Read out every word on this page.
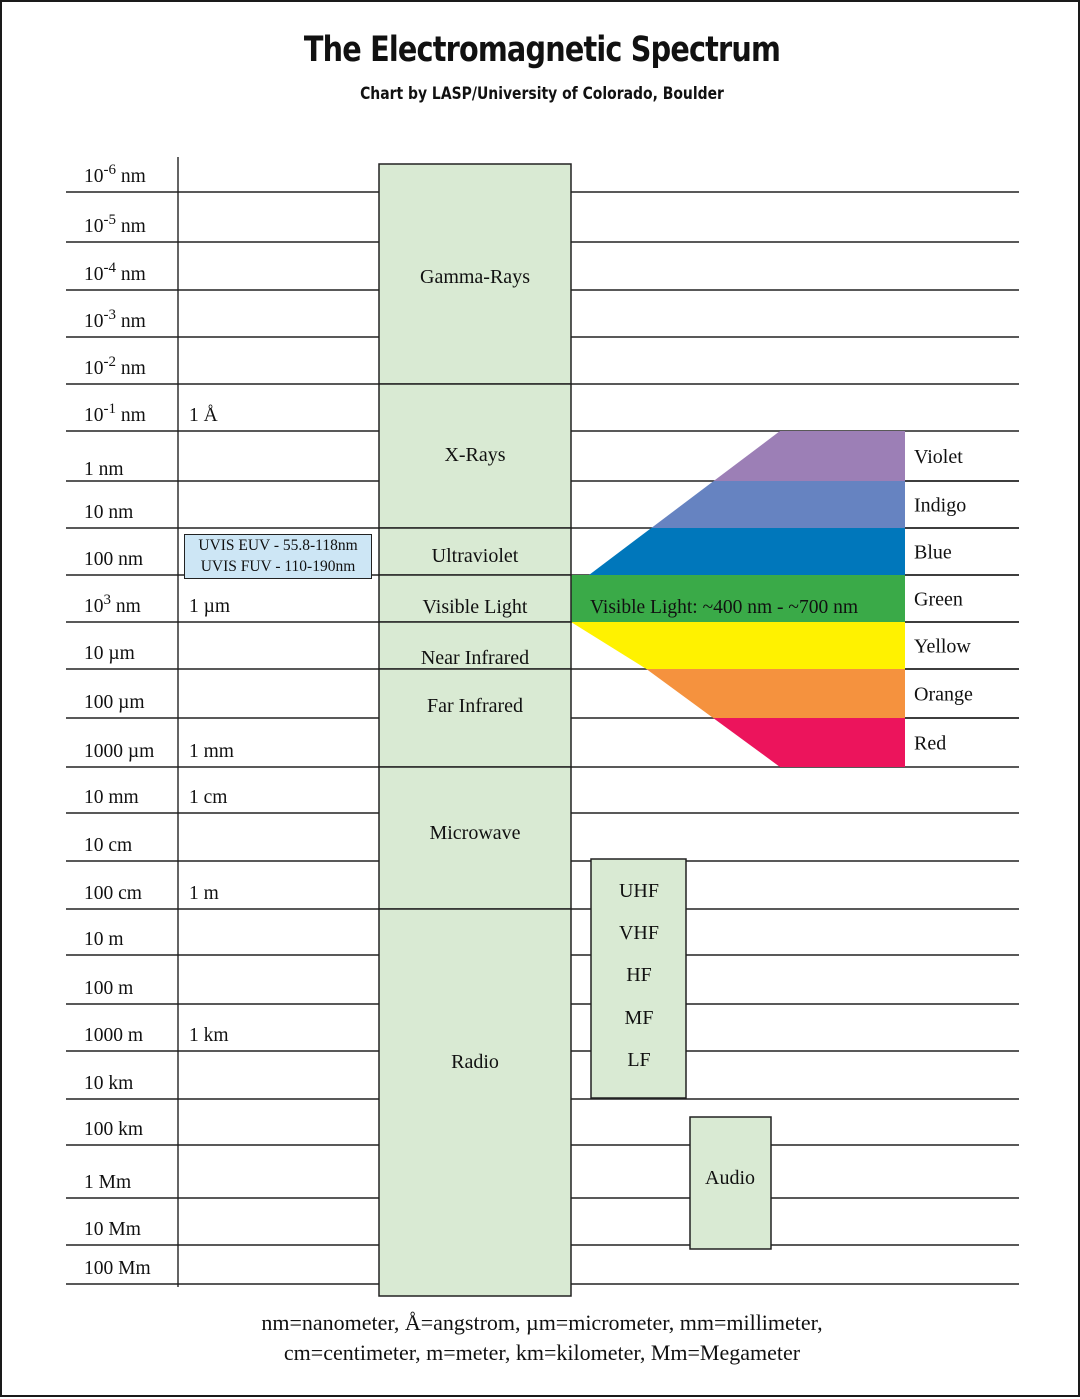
The Electromagnetic Spectrum
Chart by LASP/University of Colorado, Boulder
Violet
Indigo
Blue
Green
Yellow
Orange
Red
Visible Light: ~400 nm - ~700 nm
Gamma-Rays
X-Rays
Ultraviolet
Visible Light
Near Infrared
Far Infrared
Microwave
Radio
$10^{-6}$ nm
$10^{-5}$ nm
$10^{-4}$ nm
$10^{-3}$ nm
$10^{-2}$ nm
$10^{-1}$ nm
1 nm
10 nm
100 nm
$10^3$ nm
10 µm
100 µm
1000 µm
10 mm
10 cm
100 cm
10 m
100 m
1000 m
10 km
100 km
1 Mm
10 Mm
100 Mm
1 Å
1 µm
1 mm
1 cm
1 m
1 km
UHF
VHF
HF
MF
LF
Audio
UVIS EUV - 55.8-118nm
UVIS FUV - 110-190nm
nm=nanometer, Å=angstrom, µm=micrometer, mm=millimeter,
cm=centimeter, m=meter, km=kilometer, Mm=Megameter
